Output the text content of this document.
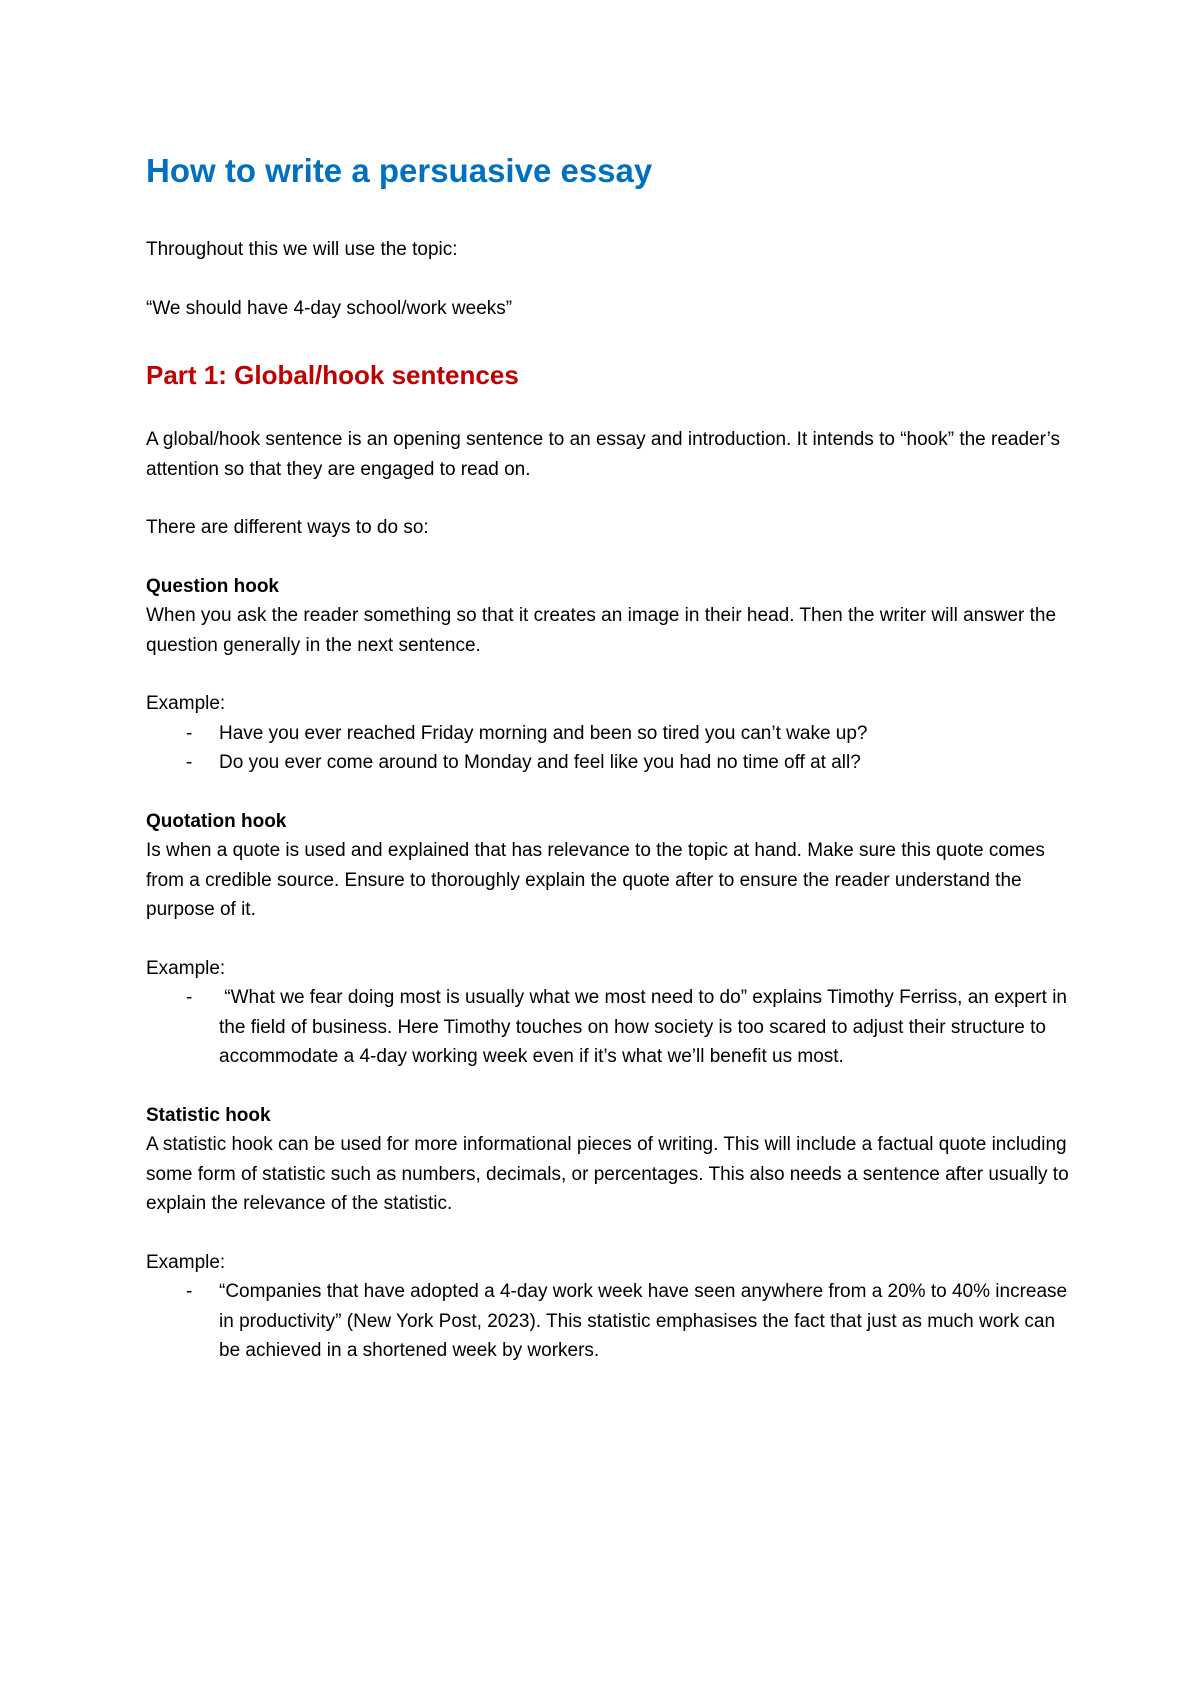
How to write a persuasive essay

Throughout this we will use the topic:

“We should have 4-day school/work weeks”

Part 1: Global/hook sentences

A global/hook sentence is an opening sentence to an essay and introduction. It intends to “hook” the reader’s attention so that they are engaged to read on.

There are different ways to do so:

Question hook

When you ask the reader something so that it creates an image in their head. Then the writer will answer the question generally in the next sentence.

Example:

- Have you ever reached Friday morning and been so tired you can’t wake up?
- Do you ever come around to Monday and feel like you had no time off at all?

Quotation hook

Is when a quote is used and explained that has relevance to the topic at hand. Make sure this quote comes from a credible source. Ensure to thoroughly explain the quote after to ensure the reader understand the purpose of it.

Example:

- “What we fear doing most is usually what we most need to do” explains Timothy Ferriss, an expert in the field of business. Here Timothy touches on how society is too scared to adjust their structure to accommodate a 4-day working week even if it’s what we’ll benefit us most.

Statistic hook

A statistic hook can be used for more informational pieces of writing. This will include a factual quote including some form of statistic such as numbers, decimals, or percentages. This also needs a sentence after usually to explain the relevance of the statistic.

Example:

- “Companies that have adopted a 4-day work week have seen anywhere from a 20% to 40% increase in productivity” (New York Post, 2023). This statistic emphasises the fact that just as much work can be achieved in a shortened week by workers.
